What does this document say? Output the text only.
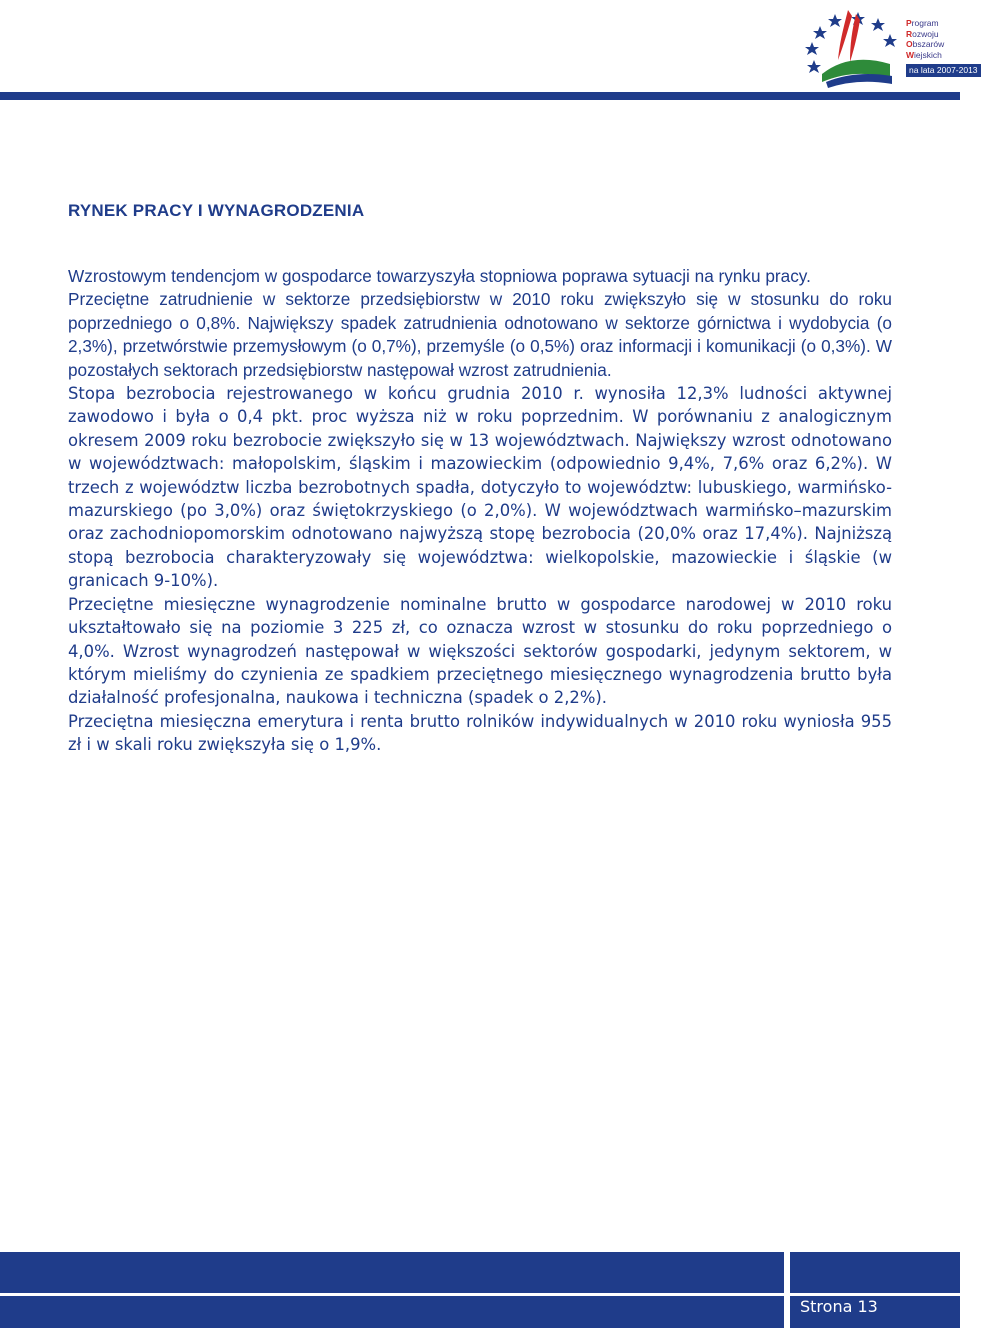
Program
Rozwoju
Obszarów
Wiejskich
na lata 2007-2013
RYNEK PRACY I WYNAGRODZENIA

Wzrostowym tendencjom w gospodarce towarzyszyła stopniowa poprawa sytuacji na rynku pracy.

Przeciętne zatrudnienie w sektorze przedsiębiorstw w 2010 roku zwiększyło się w stosunku do roku poprzedniego o 0,8%. Największy spadek zatrudnienia odnotowano w sektorze górnictwa i wydobycia (o 2,3%), przetwórstwie przemysłowym (o 0,7%), przemyśle (o 0,5%) oraz informacji i komunikacji (o 0,3%). W pozostałych sektorach przedsiębiorstw następował wzrost zatrudnienia.

Stopa bezrobocia rejestrowanego w końcu grudnia 2010 r. wynosiła 12,3% ludności aktywnej zawodowo i była o 0,4 pkt. proc wyższa niż w roku poprzednim. W porównaniu z analogicznym okresem 2009 roku bezrobocie zwiększyło się w 13 województwach. Największy wzrost odnotowano w województwach: małopolskim, śląskim i mazowieckim (odpowiednio 9,4%, 7,6% oraz 6,2%). W trzech z województw liczba bezrobotnych spadła, dotyczyło to województw: lubuskiego, warmińsko-mazurskiego (po 3,0%) oraz świętokrzyskiego (o 2,0%). W województwach warmińsko–mazurskim oraz zachodniopomorskim odnotowano najwyższą stopę bezrobocia (20,0% oraz 17,4%). Najniższą stopą bezrobocia charakteryzowały się województwa: wielkopolskie, mazowieckie i śląskie (w granicach 9-10%).

Przeciętne miesięczne wynagrodzenie nominalne brutto w gospodarce narodowej w 2010 roku ukształtowało się na poziomie 3 225 zł, co oznacza wzrost w stosunku do roku poprzedniego o 4,0%. Wzrost wynagrodzeń następował w większości sektorów gospodarki, jedynym sektorem, w którym mieliśmy do czynienia ze spadkiem przeciętnego miesięcznego wynagrodzenia brutto była działalność profesjonalna, naukowa i techniczna (spadek o 2,2%).

Przeciętna miesięczna emerytura i renta brutto rolników indywidualnych w 2010 roku wyniosła 955 zł i w skali roku zwiększyła się o 1,9%.

Strona 13
